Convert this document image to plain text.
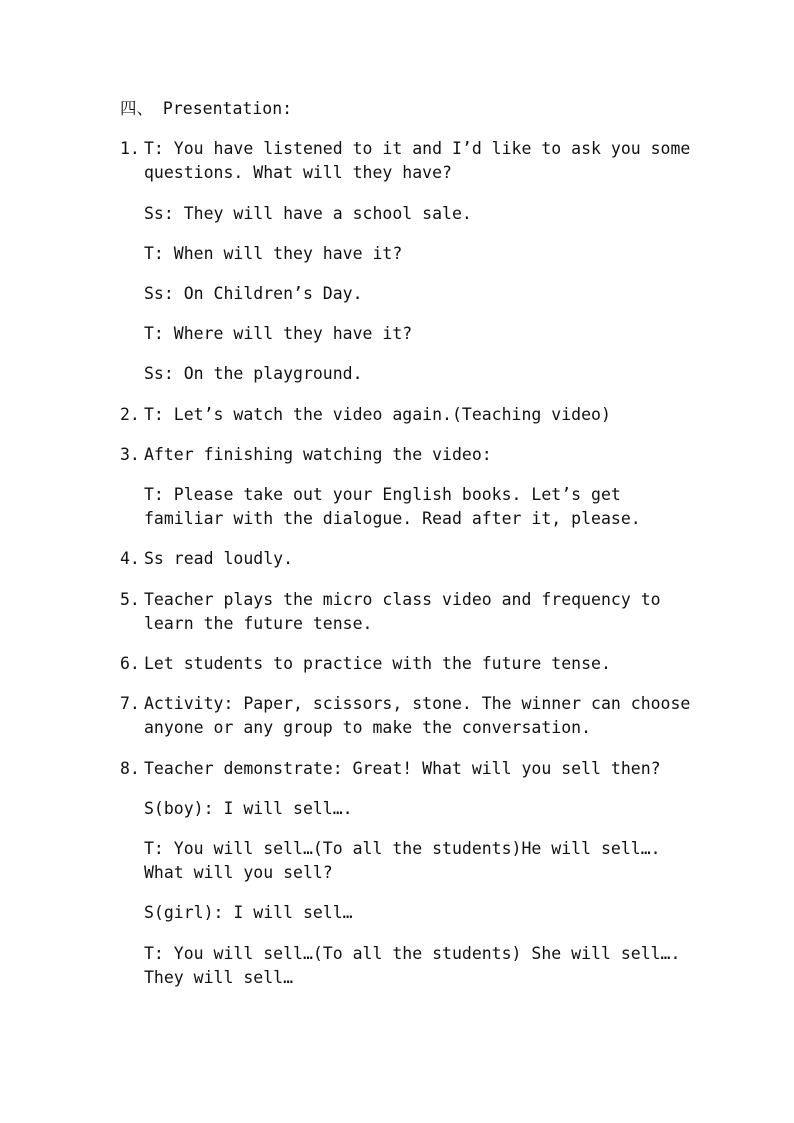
四、 Presentation:
1. T: You have listened to it and I’d like to ask you some questions. What will they have?
Ss: They will have a school sale.
T: When will they have it?
Ss: On Children’s Day.
T: Where will they have it?
Ss: On the playground.
2. T: Let’s watch the video again.(Teaching video)
3. After finishing watching the video:
T: Please take out your English books. Let’s get familiar with the dialogue. Read after it, please.
4. Ss read loudly.
5. Teacher plays the micro class video and frequency to learn the future tense.
6. Let students to practice with the future tense.
7. Activity: Paper, scissors, stone. The winner can choose anyone or any group to make the conversation.
8. Teacher demonstrate: Great! What will you sell then?
S(boy): I will sell….
T: You will sell…(To all the students)He will sell…. What will you sell?
S(girl): I will sell…
T: You will sell…(To all the students) She will sell…. They will sell…
